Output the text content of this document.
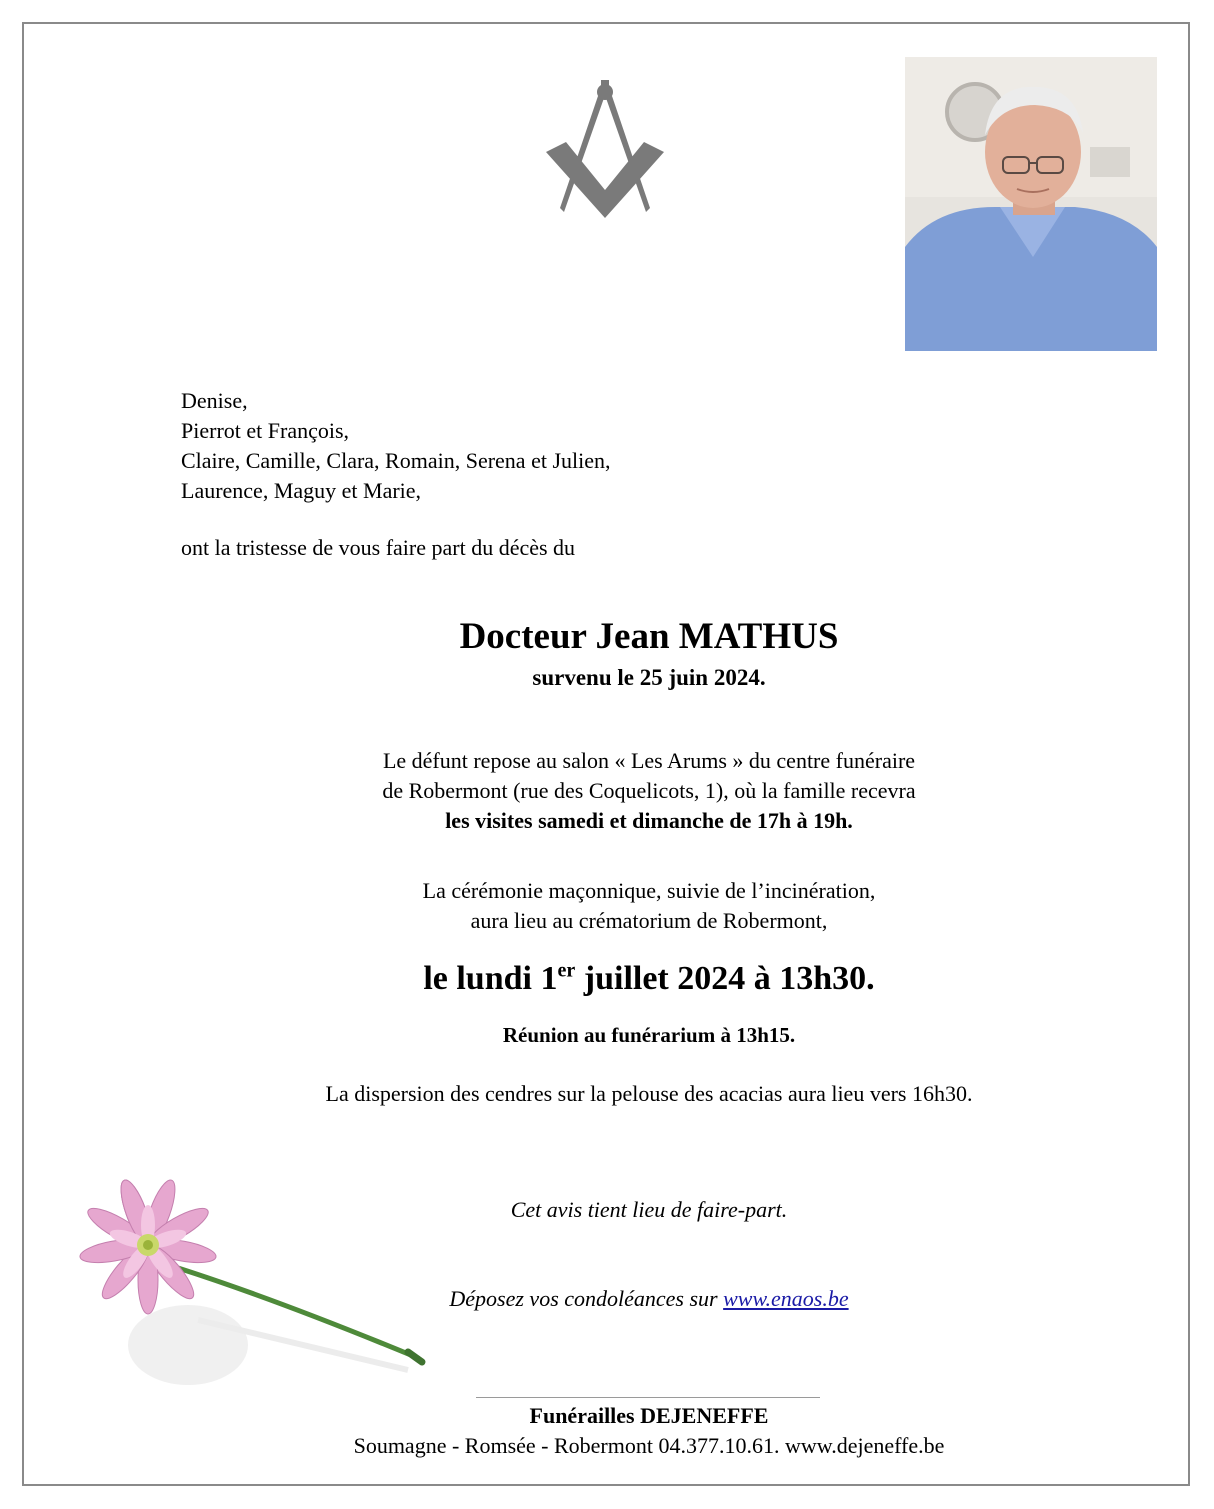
Denise,
Pierrot et François,
Claire, Camille, Clara, Romain, Serena et Julien,
Laurence, Maguy et Marie,
ont la tristesse de vous faire part du décès du
Docteur Jean MATHUS
survenu le 25 juin 2024.
Le défunt repose au salon « Les Arums » du centre funéraire
de Robermont (rue des Coquelicots, 1), où la famille recevra
les visites samedi et dimanche de 17h à 19h.
La cérémonie maçonnique, suivie de l’incinération,
aura lieu au crématorium de Robermont,
le lundi 1er juillet 2024 à 13h30.
Réunion au funérarium à 13h15.
La dispersion des cendres sur la pelouse des acacias aura lieu vers 16h30.
Cet avis tient lieu de faire-part.
Déposez vos condoléances sur www.enaos.be
Funérailles DEJENEFFE
Soumagne - Romsée - Robermont 04.377.10.61. www.dejeneffe.be
